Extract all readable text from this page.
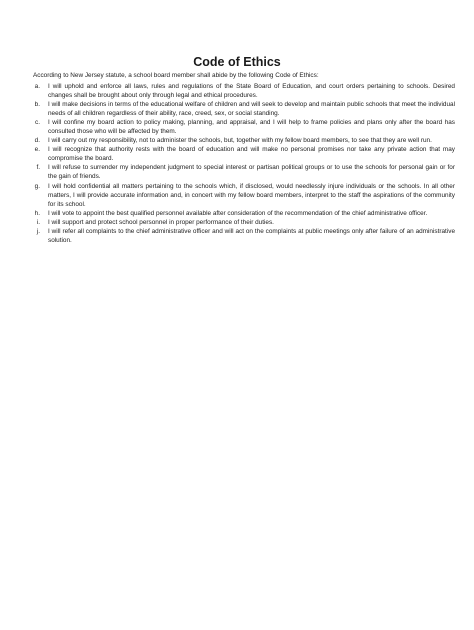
Code of Ethics

According to New Jersey statute, a school board member shall abide by the following Code of Ethics:

a.	I will uphold and enforce all laws, rules and regulations of the State Board of Education, and court orders pertaining to schools. Desired changes shall be brought about only through legal and ethical procedures.
b.	I will make decisions in terms of the educational welfare of children and will seek to develop and maintain public schools that meet the individual needs of all children regardless of their ability, race, creed, sex, or social standing.
c.	I will confine my board action to policy making, planning, and appraisal, and I will help to frame policies and plans only after the board has consulted those who will be affected by them.
d.	I will carry out my responsibility, not to administer the schools, but, together with my fellow board members, to see that they are well run.
e.	I will recognize that authority rests with the board of education and will make no personal promises nor take any private action that may compromise the board.
f.	I will refuse to surrender my independent judgment to special interest or partisan political groups or to use the schools for personal gain or for the gain of friends.
g.	I will hold confidential all matters pertaining to the schools which, if disclosed, would needlessly injure individuals or the schools. In all other matters, I will provide accurate information and, in concert with my fellow board members, interpret to the staff the aspirations of the community for its school.
h.	I will vote to appoint the best qualified personnel available after consideration of the recommendation of the chief administrative officer.
i.	I will support and protect school personnel in proper performance of their duties.
j.	I will refer all complaints to the chief administrative officer and will act on the complaints at public meetings only after failure of an administrative solution.
